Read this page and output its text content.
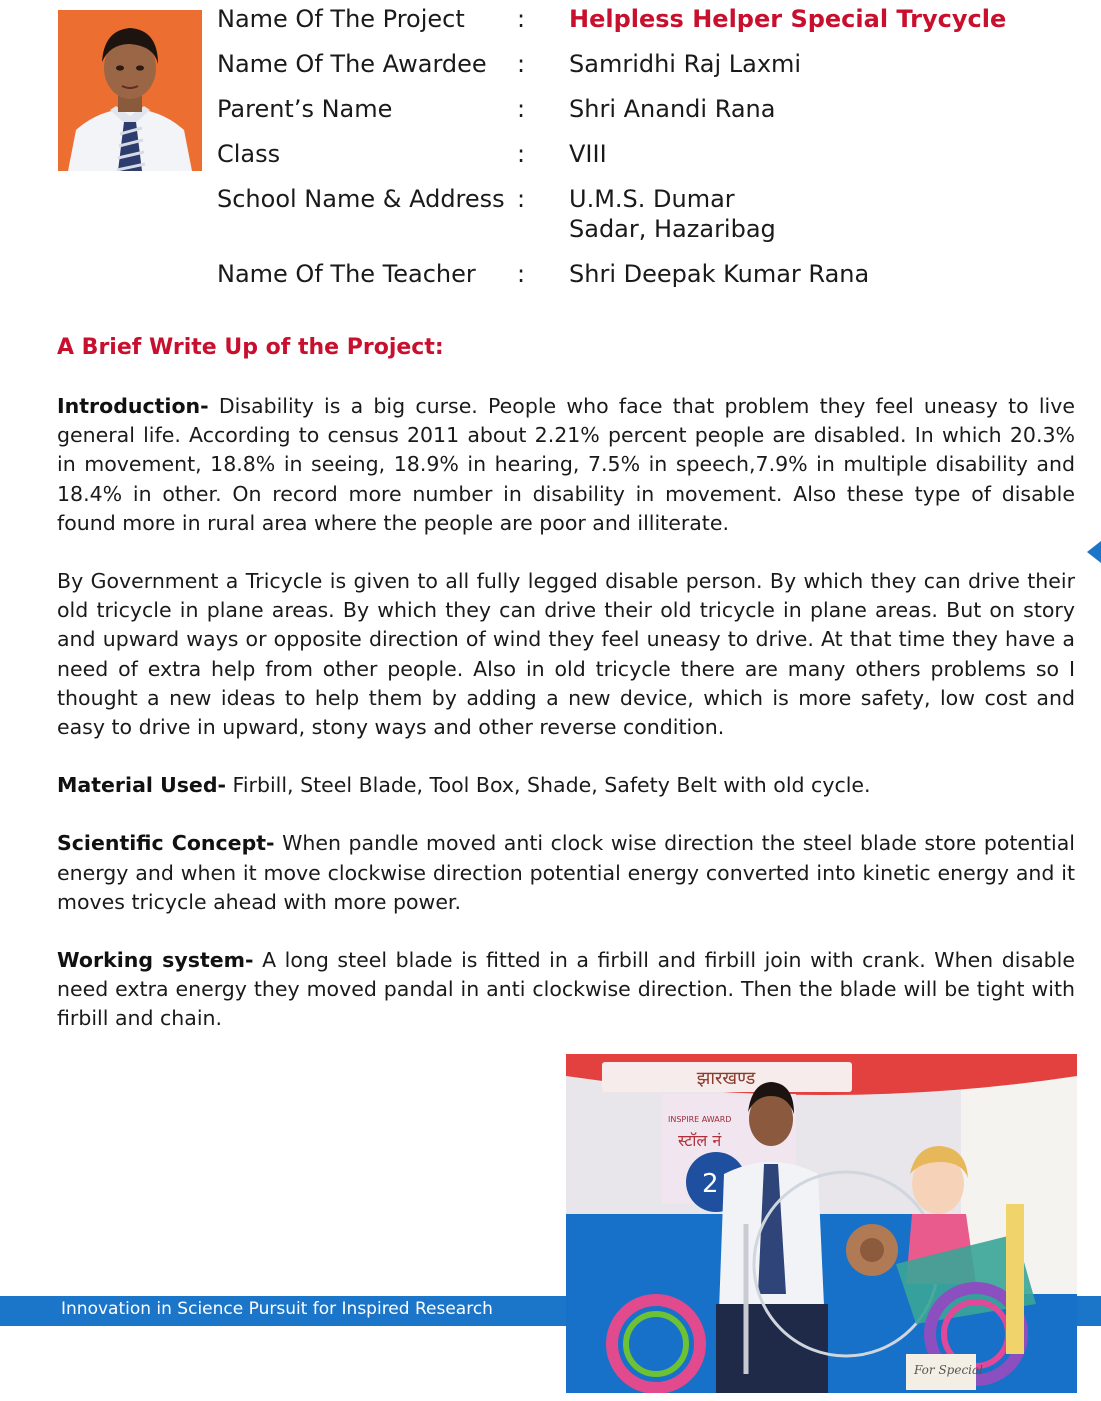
Name Of The Project	: Helpless Helper Special Trycycle
Name Of The Awardee	: Samridhi Raj Laxmi
Parent’s Name	: Shri Anandi Rana
Class	: VIII
School Name & Address : U.M.S. Dumar
Sadar, Hazaribag
Name Of The Teacher	: Shri Deepak Kumar Rana
A Brief Write Up of the Project:

Introduction- Disability is a big curse. People who face that problem they feel uneasy to live general life. According to census 2011 about 2.21% percent people are disabled. In which 20.3% in movement, 18.8% in seeing, 18.9% in hearing, 7.5% in speech,7.9% in multiple disability and 18.4% in other. On record more number in disability in movement. Also these type of disable found more in rural area where the people are poor and illiterate.

By Government a Tricycle is given to all fully legged disable person. By which they can drive their old tricycle in plane areas. By which they can drive their old tricycle in plane areas. But on story and upward ways or opposite direction of wind they feel uneasy to drive. At that time they have a need of extra help from other people. Also in old tricycle there are many others problems so I thought a new ideas to help them by adding a new device, which is more safety, low cost and easy to drive in upward, stony ways and other reverse condition.

Material Used- Firbill, Steel Blade, Tool Box, Shade, Safety Belt with old cycle.

Scientific Concept- When pandle moved anti clock wise direction the steel blade store potential energy and when it move clockwise direction potential energy converted into kinetic energy and it moves tricycle ahead with more power.

Working system- A long steel blade is fitted in a firbill and firbill join with crank. When disable need extra energy they moved pandal in anti clockwise direction. Then the blade will be tight with firbill and chain.

Innovation in Science Pursuit for Inspired Research
झारखण्ड
INSPIRE AWARD
स्टॉल नं
2
For Special
